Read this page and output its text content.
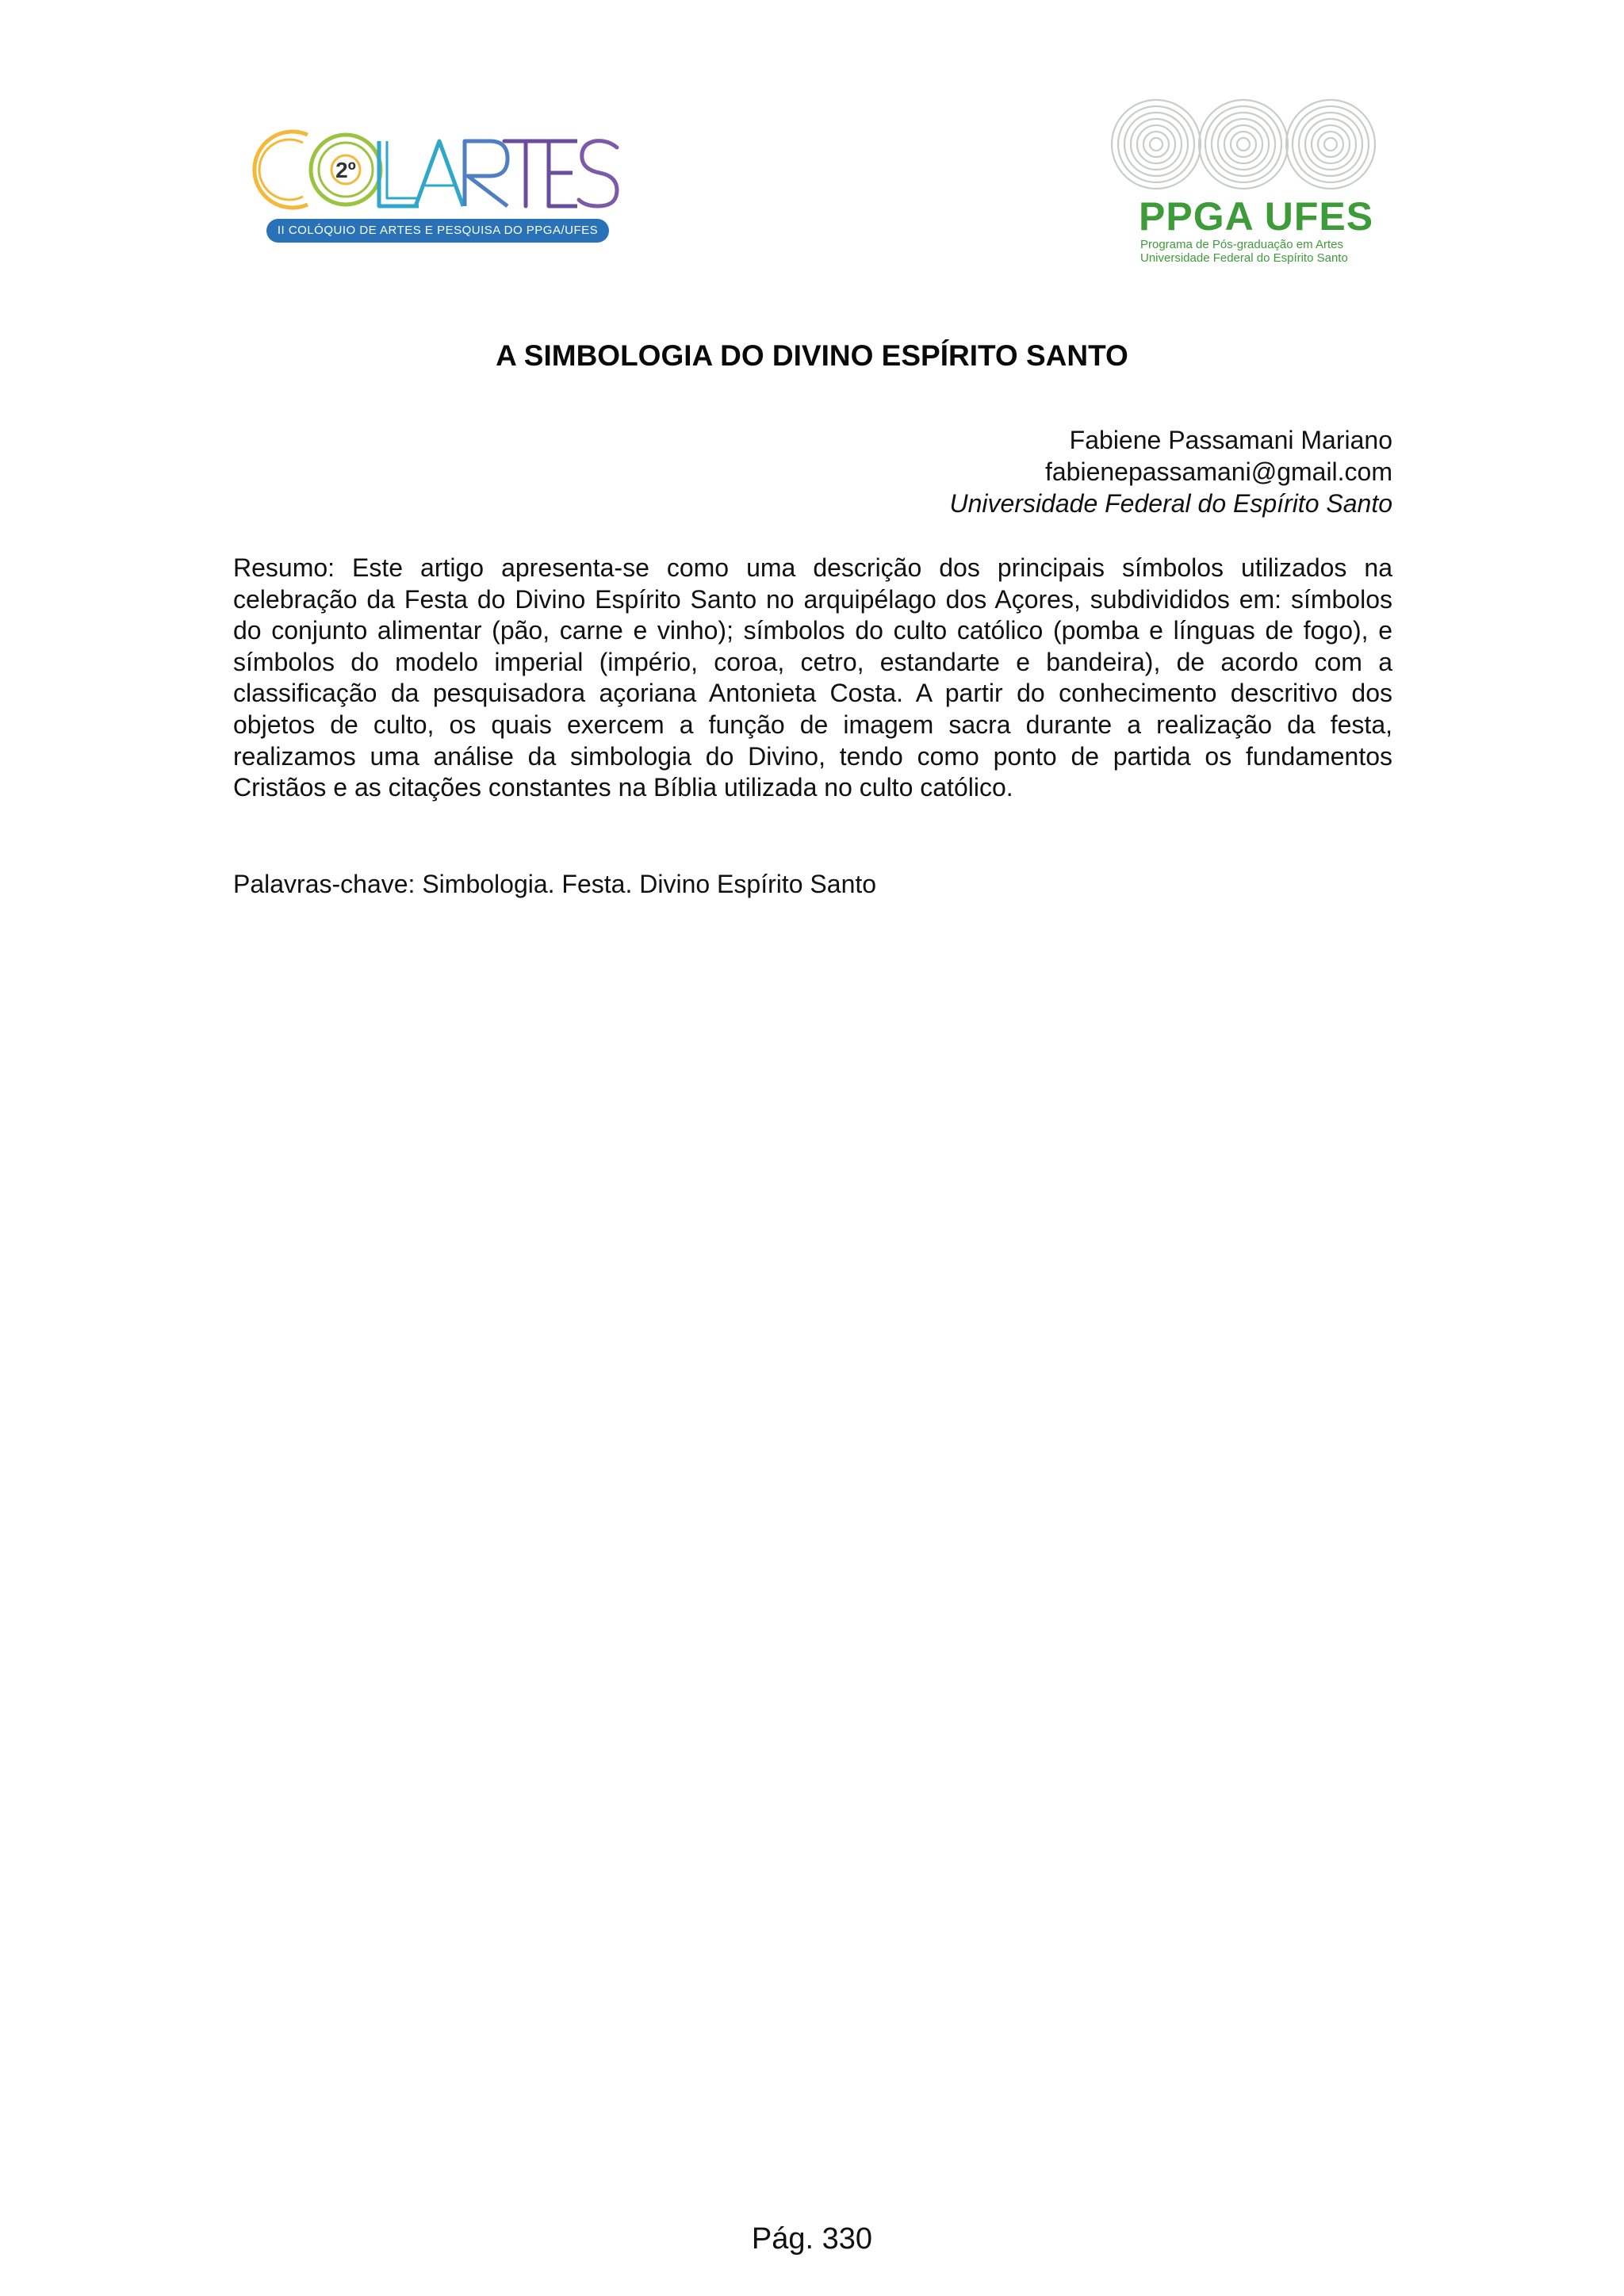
2º
II COLÓQUIO DE ARTES E PESQUISA DO PPGA/UFES	PPGA UFES
Programa de Pós-graduação em Artes
Universidade Federal do Espírito Santo
A SIMBOLOGIA DO DIVINO ESPÍRITO SANTO
Fabiene Passamani Mariano
fabienepassamani@gmail.com
Universidade Federal do Espírito Santo
Resumo: Este artigo apresenta-se como uma descrição dos principais símbolos utilizados na celebração da Festa do Divino Espírito Santo no arquipélago dos Açores, subdivididos em: símbolos do conjunto alimentar (pão, carne e vinho); símbolos do culto católico (pomba e línguas de fogo), e símbolos do modelo imperial (império, coroa, cetro, estandarte e bandeira), de acordo com a classificação da pesquisadora açoriana Antonieta Costa. A partir do conhecimento descritivo dos objetos de culto, os quais exercem a função de imagem sacra durante a realização da festa, realizamos uma análise da simbologia do Divino, tendo como ponto de partida os fundamentos Cristãos e as citações constantes na Bíblia utilizada no culto católico.
Palavras-chave: Simbologia. Festa. Divino Espírito Santo
Pág. 330
